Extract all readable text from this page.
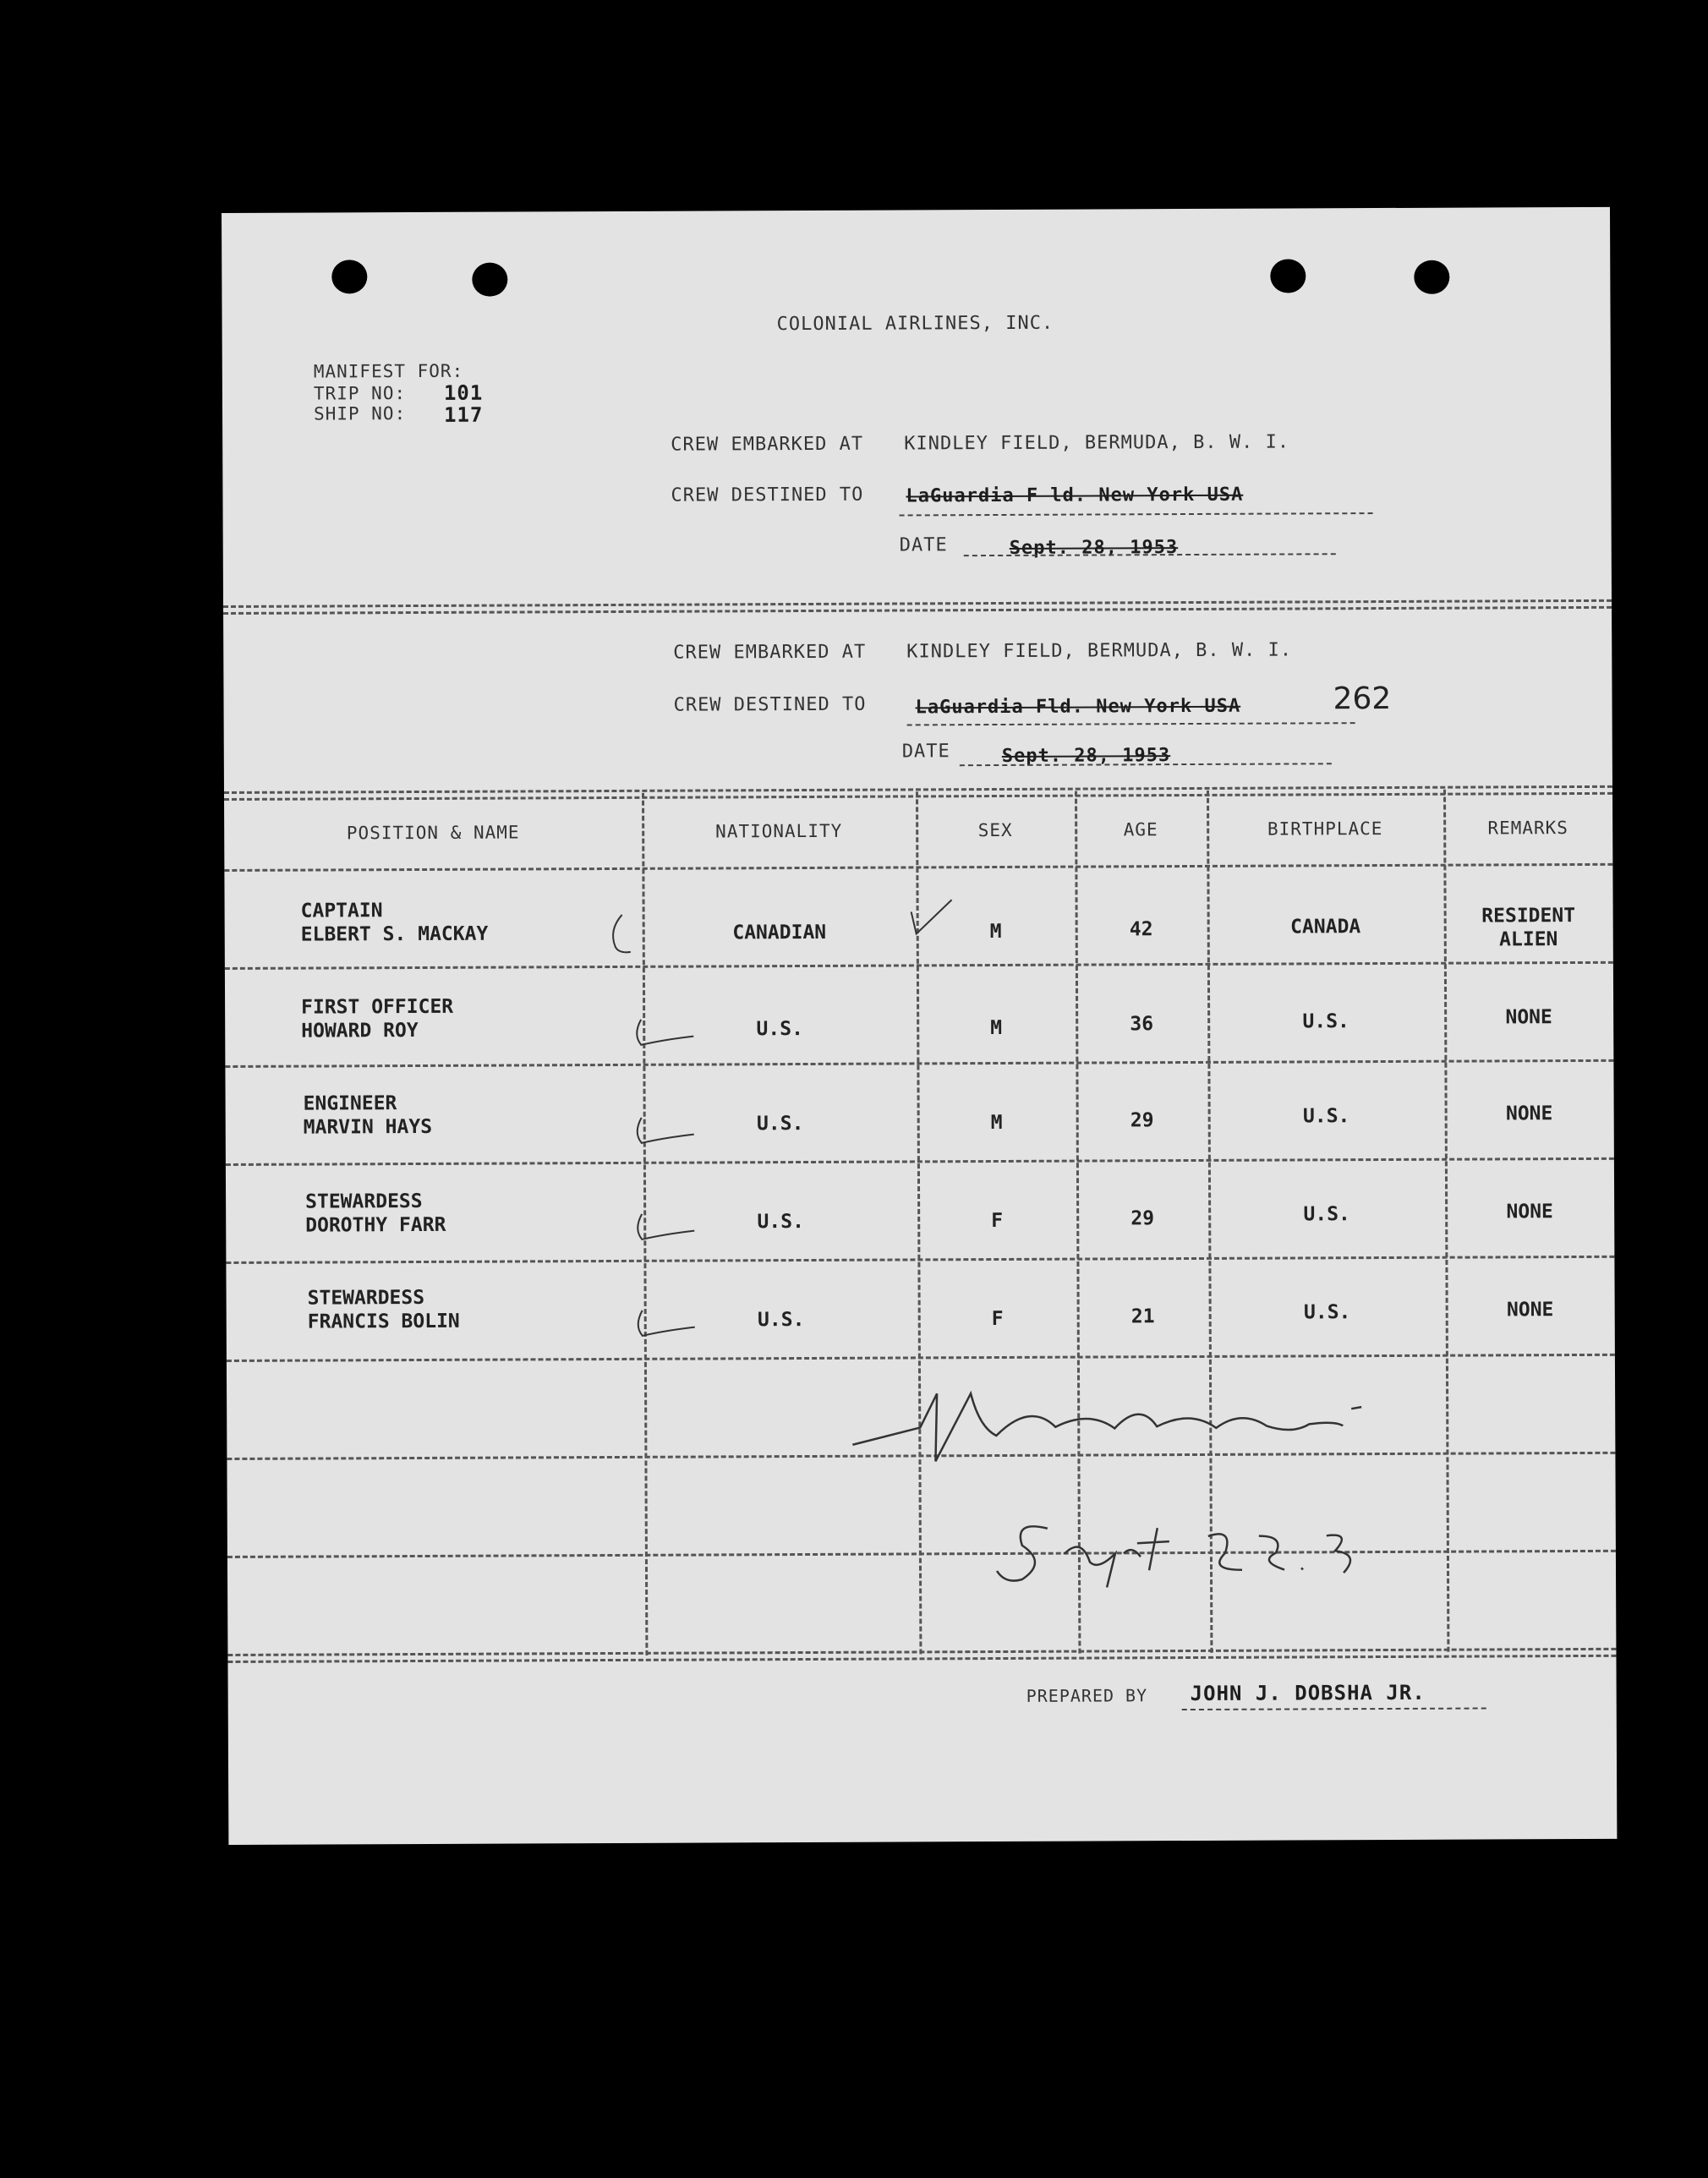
COLONIAL AIRLINES, INC.
MANIFEST FOR:
TRIP NO: 101
SHIP NO: 117
CREW EMBARKED AT KINDLEY FIELD, BERMUDA, B. W. I.
CREW DESTINED TO LaGuardia F ld. New York USA
DATE	Sept. 28, 1953
CREW EMBARKED AT KINDLEY FIELD, BERMUDA, B. W. I.
CREW DESTINED TO	LaGuardia Fld. New York USA	262
DATE	Sept. 28, 1953
POSITION & NAME	NATIONALITY	SEX	AGE	BIRTHPLACE	REMARKS
CAPTAIN
ELBERT S. MACKAY	CANADIAN	M	42	CANADA	RESIDENT
ALIEN
FIRST OFFICER
HOWARD ROY	U.S.	M	36	U.S.	NONE
ENGINEER
MARVIN HAYS	U.S.	M	29	U.S.	NONE
STEWARDESS
DOROTHY FARR	U.S.	F	29	U.S.	NONE
STEWARDESS
FRANCIS BOLIN	U.S.	F	21	U.S.	NONE
PREPARED BY JOHN J. DOBSHA JR.
